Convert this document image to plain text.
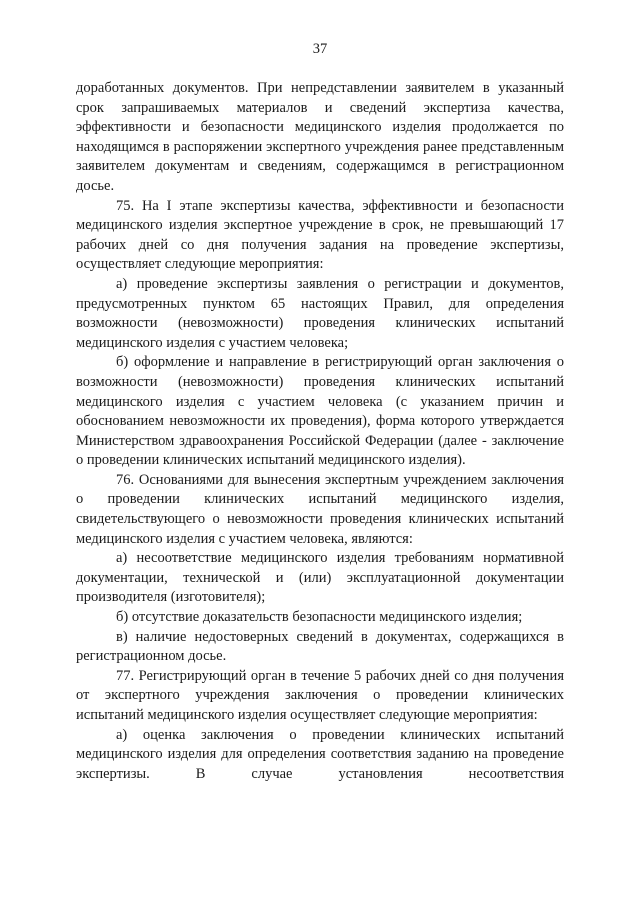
37

доработанных документов. При непредставлении заявителем в указанный срок запрашиваемых материалов и сведений экспертиза качества, эффективности и безопасности медицинского изделия продолжается по находящимся в распоряжении экспертного учреждения ранее представленным заявителем документам и сведениям, содержащимся в регистрационном досье.

75. На I этапе экспертизы качества, эффективности и безопасности медицинского изделия экспертное учреждение в срок, не превышающий 17 рабочих дней со дня получения задания на проведение экспертизы, осуществляет следующие мероприятия:

а) проведение экспертизы заявления о регистрации и документов, предусмотренных пунктом 65 настоящих Правил, для определения возможности (невозможности) проведения клинических испытаний медицинского изделия с участием человека;

б) оформление и направление в регистрирующий орган заключения о возможности (невозможности) проведения клинических испытаний медицинского изделия с участием человека (с указанием причин и обоснованием невозможности их проведения), форма которого утверждается Министерством здравоохранения Российской Федерации (далее - заключение о проведении клинических испытаний медицинского изделия).

76. Основаниями для вынесения экспертным учреждением заключения о проведении клинических испытаний медицинского изделия, свидетельствующего о невозможности проведения клинических испытаний медицинского изделия с участием человека, являются:

а) несоответствие медицинского изделия требованиям нормативной документации, технической и (или) эксплуатационной документации производителя (изготовителя);

б) отсутствие доказательств безопасности медицинского изделия;

в) наличие недостоверных сведений в документах, содержащихся в регистрационном досье.

77. Регистрирующий орган в течение 5 рабочих дней со дня получения от экспертного учреждения заключения о проведении клинических испытаний медицинского изделия осуществляет следующие мероприятия:

а) оценка заключения о проведении клинических испытаний медицинского изделия для определения соответствия заданию на проведение экспертизы. В случае установления несоответствия
